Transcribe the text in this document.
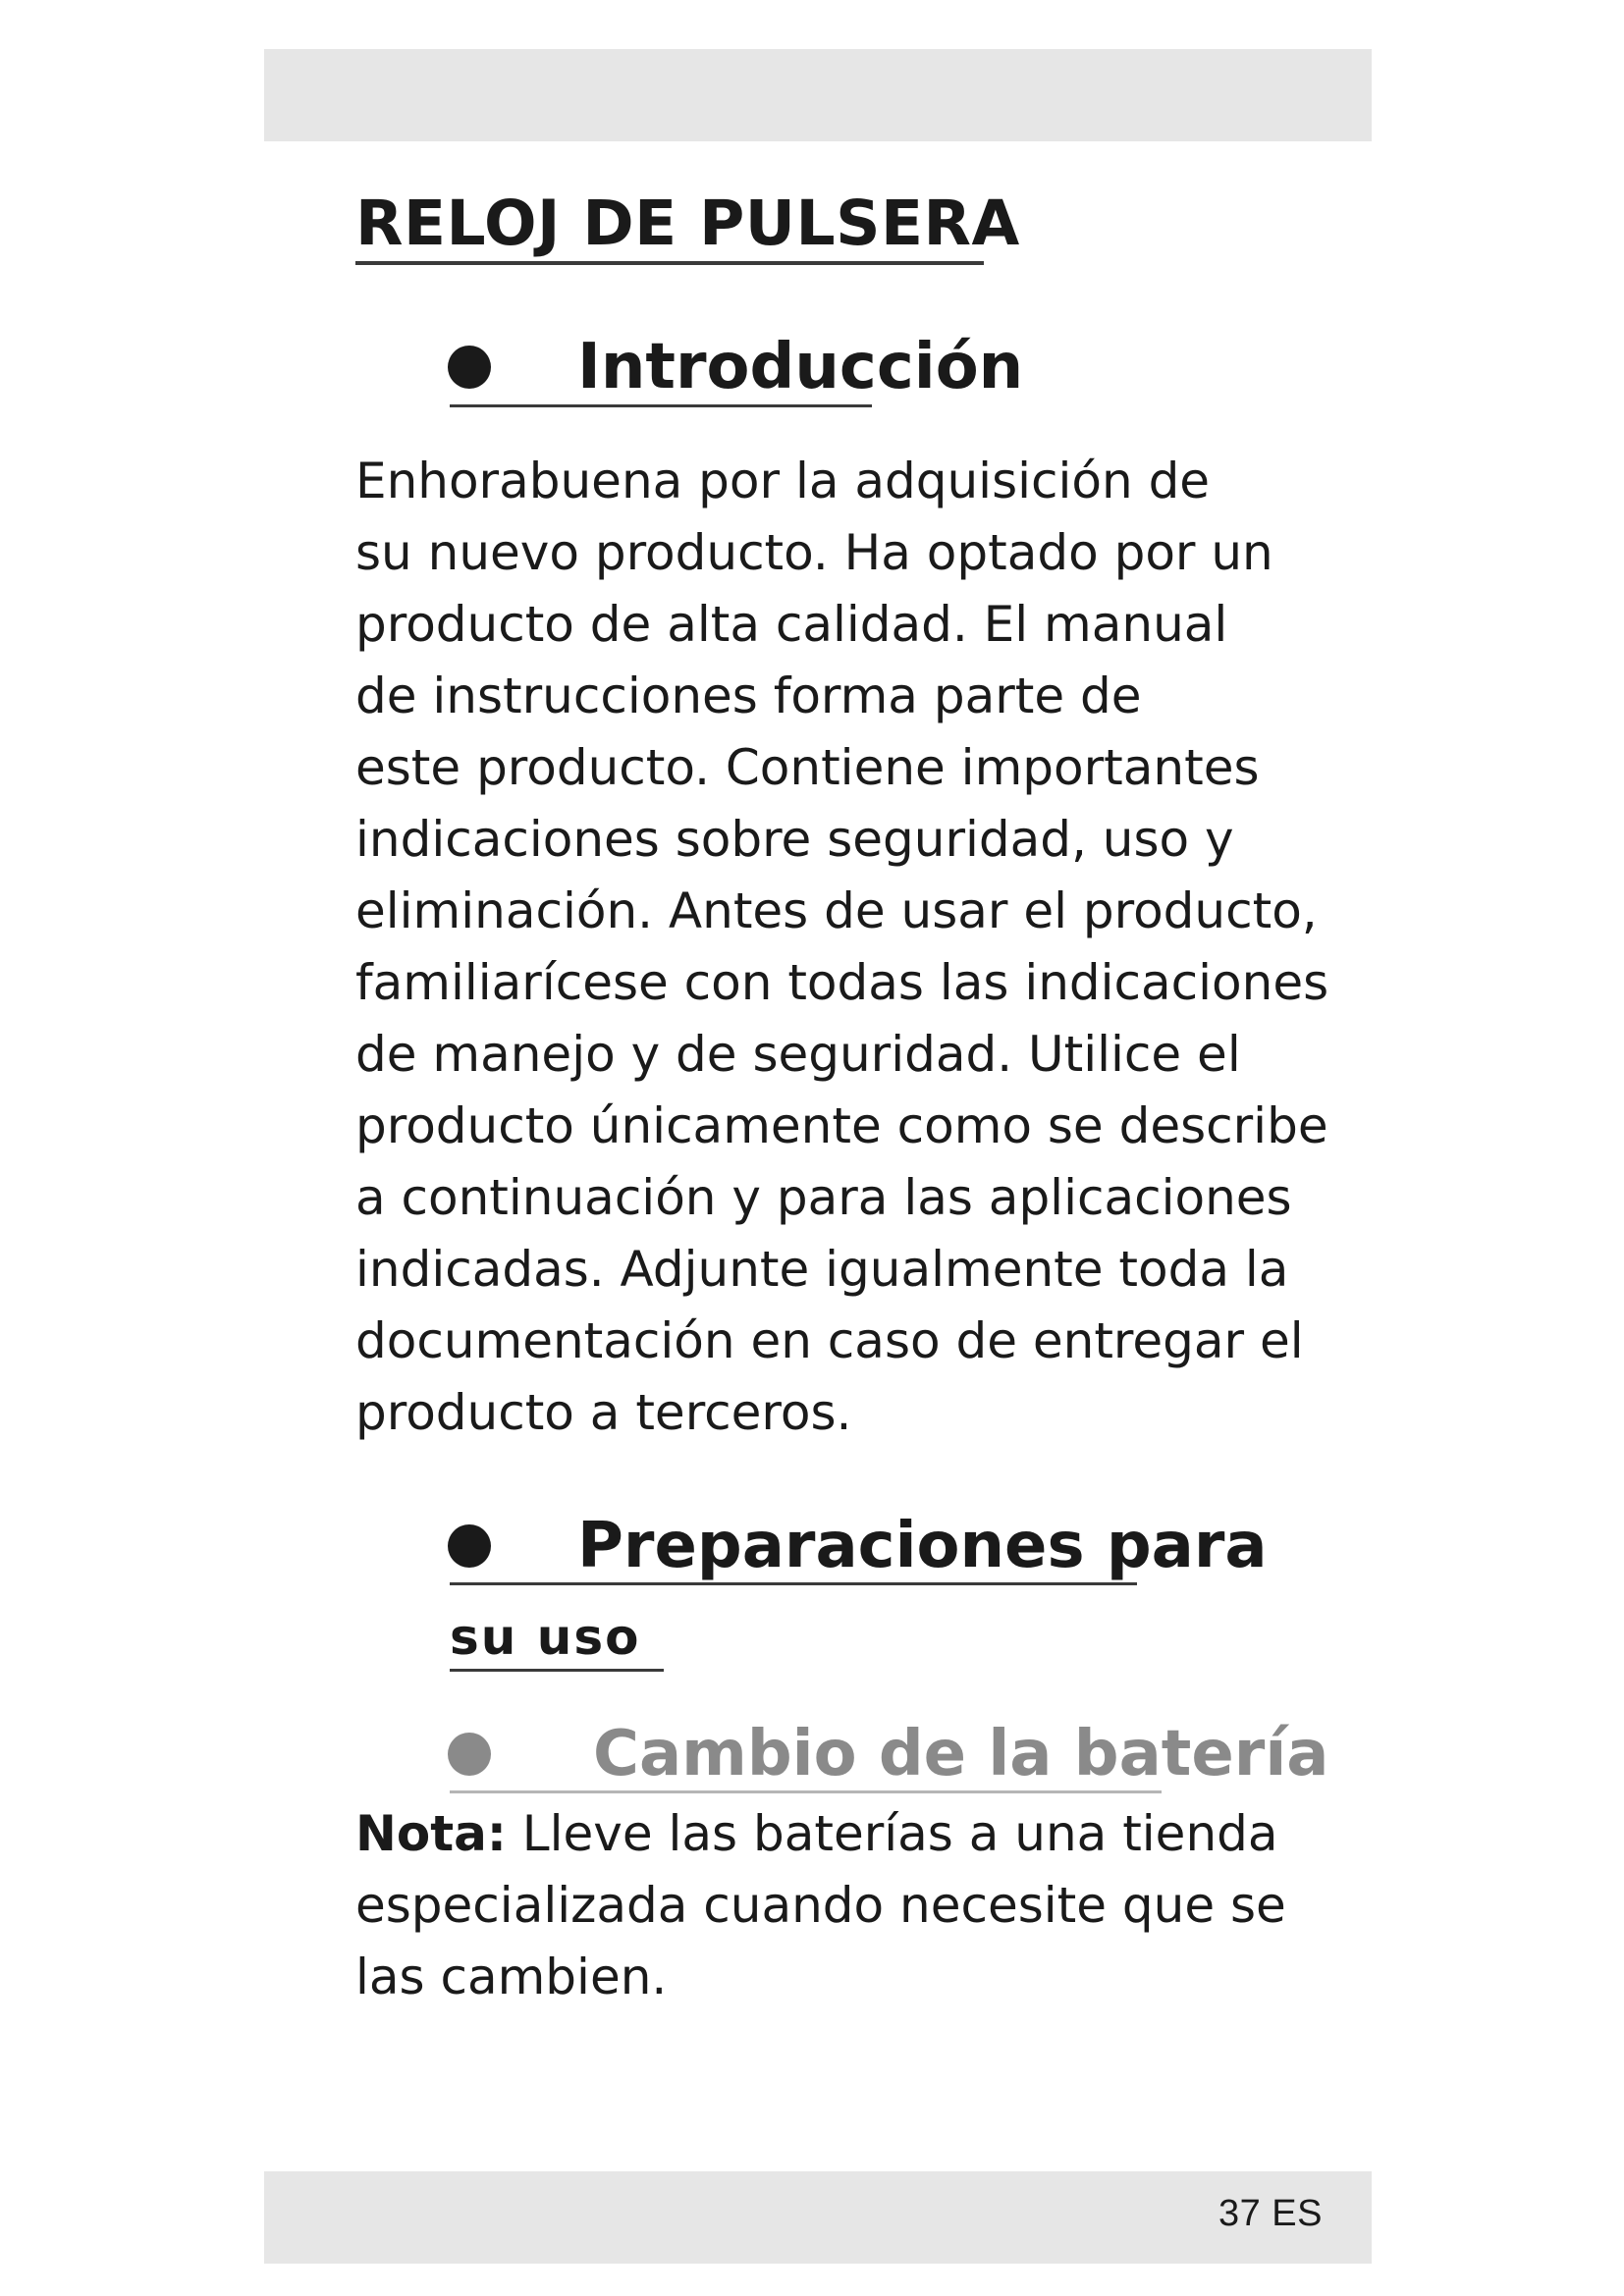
RELOJ DE PULSERA
Introducción
Enhorabuena por la adquisición de
su nuevo producto. Ha optado por un
producto de alta calidad. El manual
de instrucciones forma parte de
este producto. Contiene importantes
indicaciones sobre seguridad, uso y
eliminación. Antes de usar el producto,
familiarícese con todas las indicaciones
de manejo y de seguridad. Utilice el
producto únicamente como se describe
a continuación y para las aplicaciones
indicadas. Adjunte igualmente toda la
documentación en caso de entregar el
producto a terceros.
Preparaciones para
su uso
Cambio de la batería
Nota: Lleve las baterías a una tienda
especializada cuando necesite que se
las cambien.
37 ES
